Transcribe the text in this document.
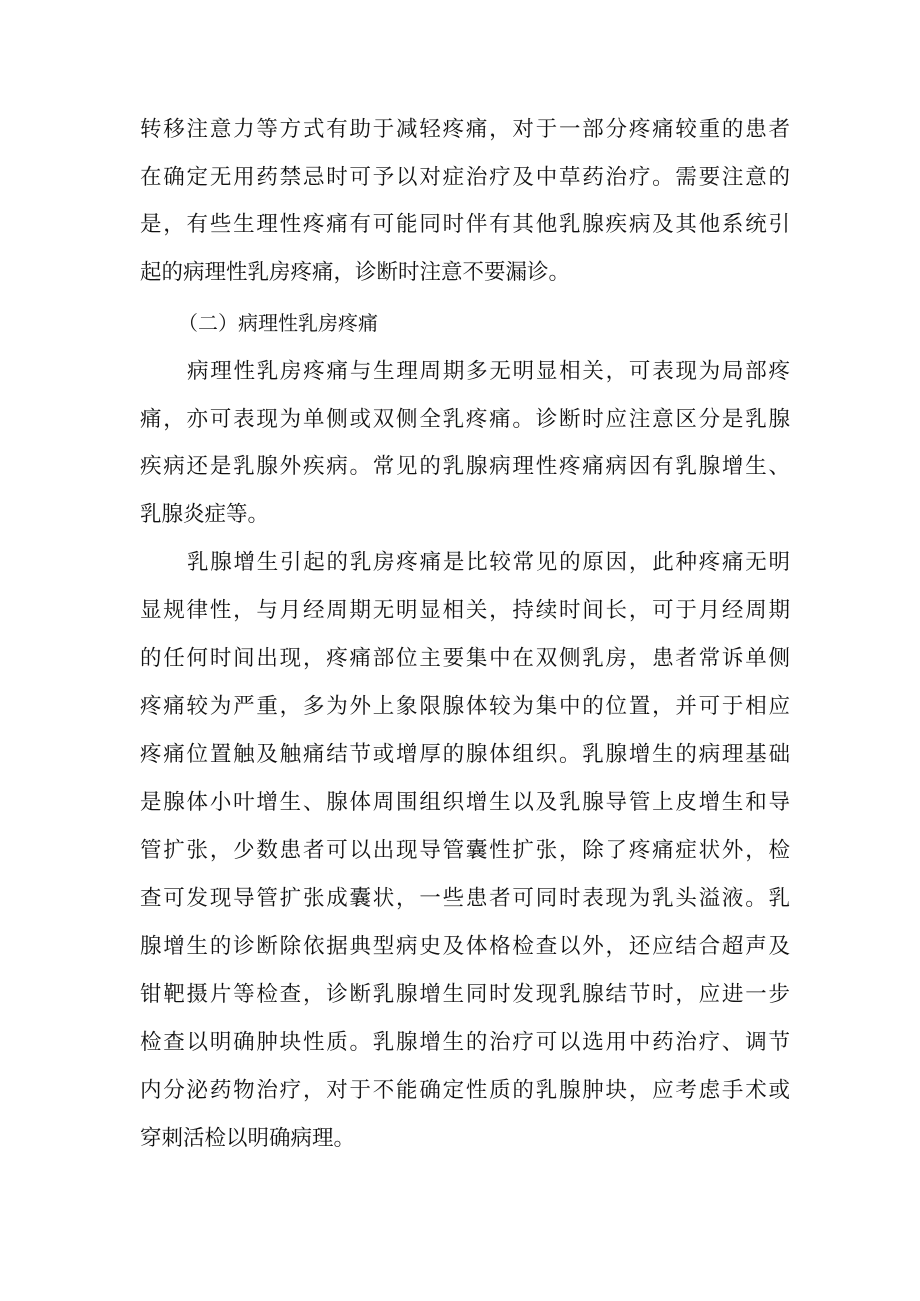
转移注意力等方式有助于减轻疼痛，对于一部分疼痛较重的患者
在确定无用药禁忌时可予以对症治疗及中草药治疗。需要注意的
是，有些生理性疼痛有可能同时伴有其他乳腺疾病及其他系统引
起的病理性乳房疼痛，诊断时注意不要漏诊。
（二）病理性乳房疼痛
病理性乳房疼痛与生理周期多无明显相关，可表现为局部疼
痛，亦可表现为单侧或双侧全乳疼痛。诊断时应注意区分是乳腺
疾病还是乳腺外疾病。常见的乳腺病理性疼痛病因有乳腺增生、
乳腺炎症等。
乳腺增生引起的乳房疼痛是比较常见的原因，此种疼痛无明
显规律性，与月经周期无明显相关，持续时间长，可于月经周期
的任何时间出现，疼痛部位主要集中在双侧乳房，患者常诉单侧
疼痛较为严重，多为外上象限腺体较为集中的位置，并可于相应
疼痛位置触及触痛结节或增厚的腺体组织。乳腺增生的病理基础
是腺体小叶增生、腺体周围组织增生以及乳腺导管上皮增生和导
管扩张，少数患者可以出现导管囊性扩张，除了疼痛症状外，检
查可发现导管扩张成囊状，一些患者可同时表现为乳头溢液。乳
腺增生的诊断除依据典型病史及体格检查以外，还应结合超声及
钳靶摄片等检查，诊断乳腺增生同时发现乳腺结节时，应进一步
检查以明确肿块性质。乳腺增生的治疗可以选用中药治疗、调节
内分泌药物治疗，对于不能确定性质的乳腺肿块，应考虑手术或
穿刺活检以明确病理。
